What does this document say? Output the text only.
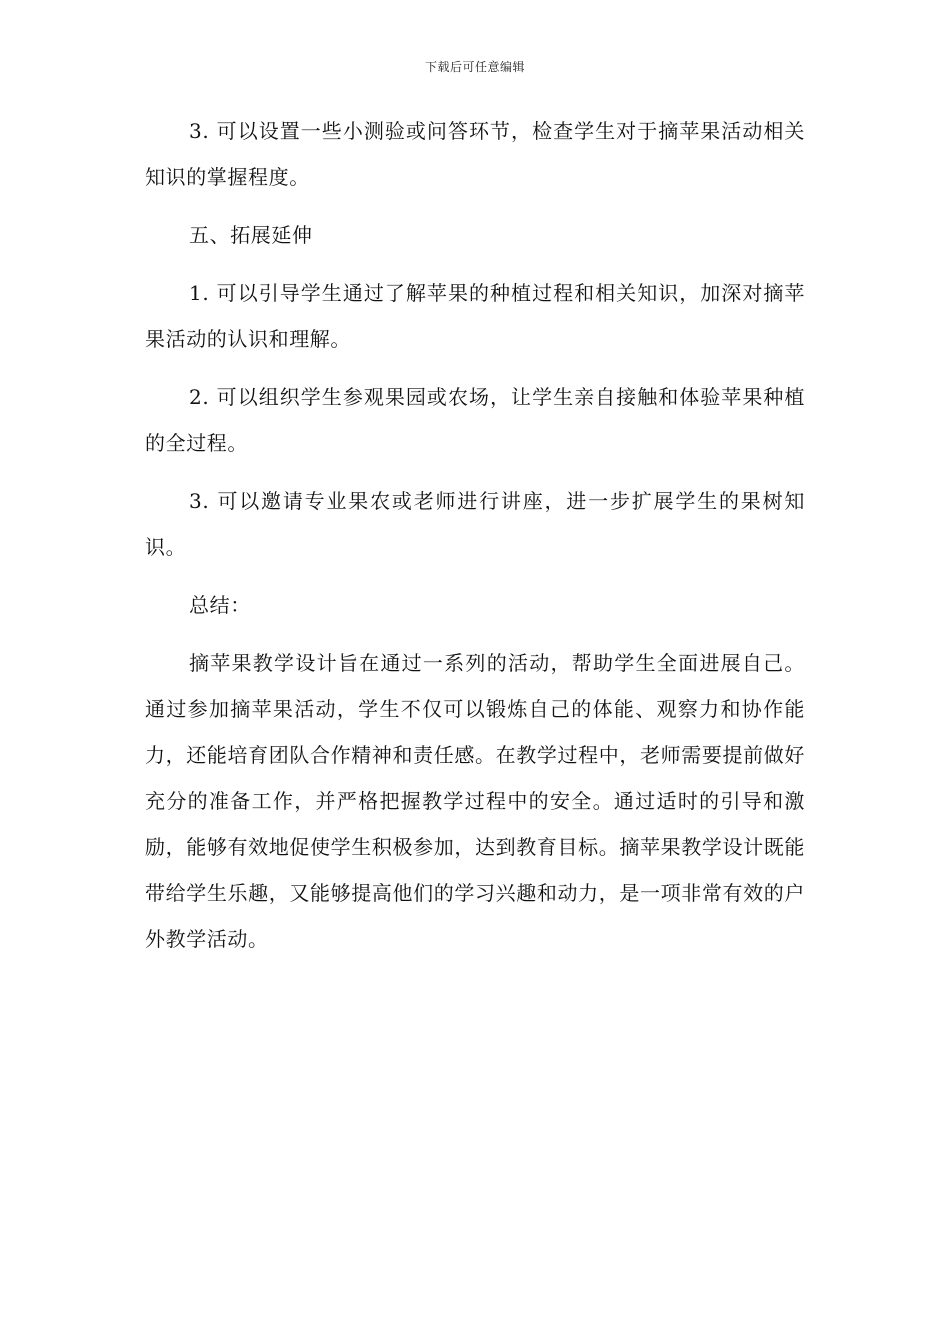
下载后可任意编辑

3. 可以设置一些小测验或问答环节，检查学生对于摘苹果活动相关知识的掌握程度。

五、拓展延伸

1. 可以引导学生通过了解苹果的种植过程和相关知识，加深对摘苹果活动的认识和理解。

2. 可以组织学生参观果园或农场，让学生亲自接触和体验苹果种植的全过程。

3. 可以邀请专业果农或老师进行讲座，进一步扩展学生的果树知识。

总结：

摘苹果教学设计旨在通过一系列的活动，帮助学生全面进展自己。通过参加摘苹果活动，学生不仅可以锻炼自己的体能、观察力和协作能力，还能培育团队合作精神和责任感。在教学过程中，老师需要提前做好充分的准备工作，并严格把握教学过程中的安全。通过适时的引导和激励，能够有效地促使学生积极参加，达到教育目标。摘苹果教学设计既能带给学生乐趣，又能够提高他们的学习兴趣和动力，是一项非常有效的户外教学活动。
